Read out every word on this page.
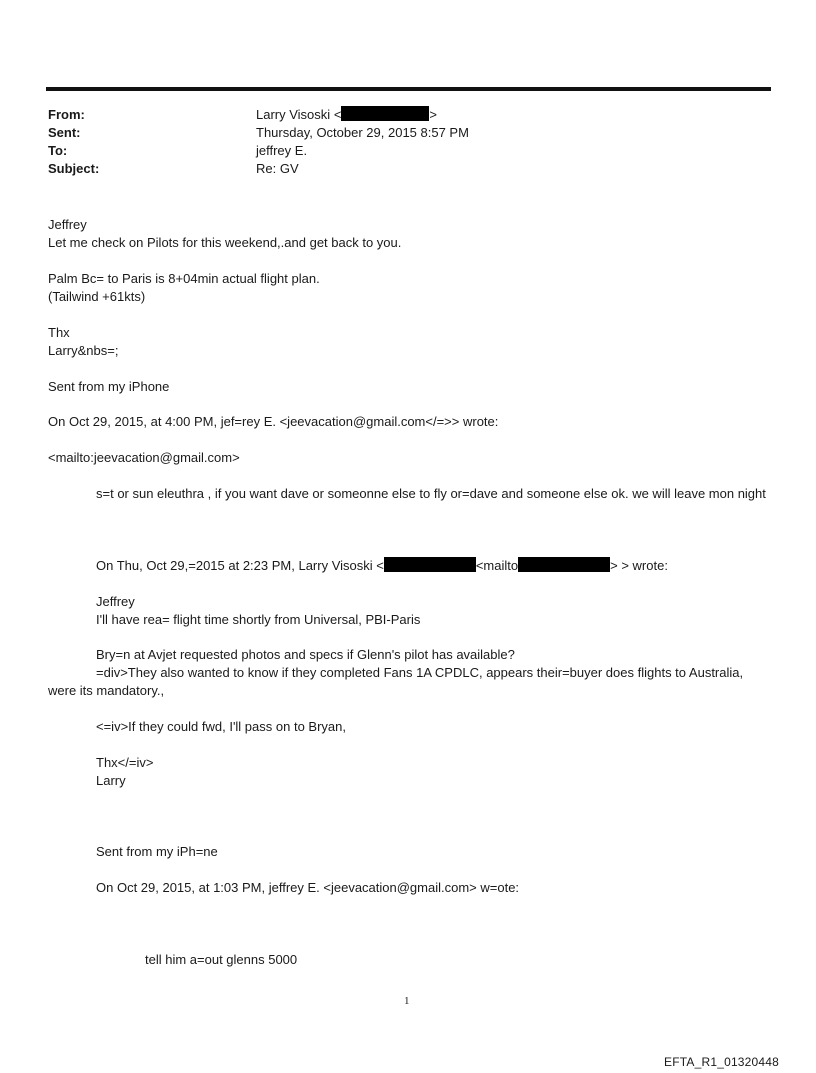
From:	Larry Visoski <	>
Sent:	Thursday, October 29, 2015 8:57 PM
To:	jeffrey E.
Subject:	Re: GV
Jeffrey
Let me check on Pilots for this weekend,.and get back to you.
Palm Bc= to Paris is 8+04min actual flight plan.
(Tailwind +61kts)
Thx
Larry&nbs=;
Sent from my iPhone
On Oct 29, 2015, at 4:00 PM, jef=rey E. <jeevacation@gmail.com</=>> wrote:
<mailto:jeevacation@gmail.com>
s=t or sun eleuthra , if you want dave or someonne else to fly or=dave and someone else ok. we will leave mon night
On Thu, Oct 29,=2015 at 2:23 PM, Larry Visoski <	<mailto	> > wrote:
Jeffrey
I'll have rea= flight time shortly from Universal, PBI-Paris
Bry=n at Avjet requested photos and specs if Glenn's pilot has available?
=div>They also wanted to know if they completed Fans 1A CPDLC, appears their=buyer does flights to Australia, were its mandatory.,
<=iv>If they could fwd, I'll pass on to Bryan,
Thx</=iv>
Larry
Sent from my iPh=ne
On Oct 29, 2015, at 1:03 PM, jeffrey E. <jeevacation@gmail.com> w=ote:
tell him a=out glenns 5000
1
EFTA_R1_01320448
